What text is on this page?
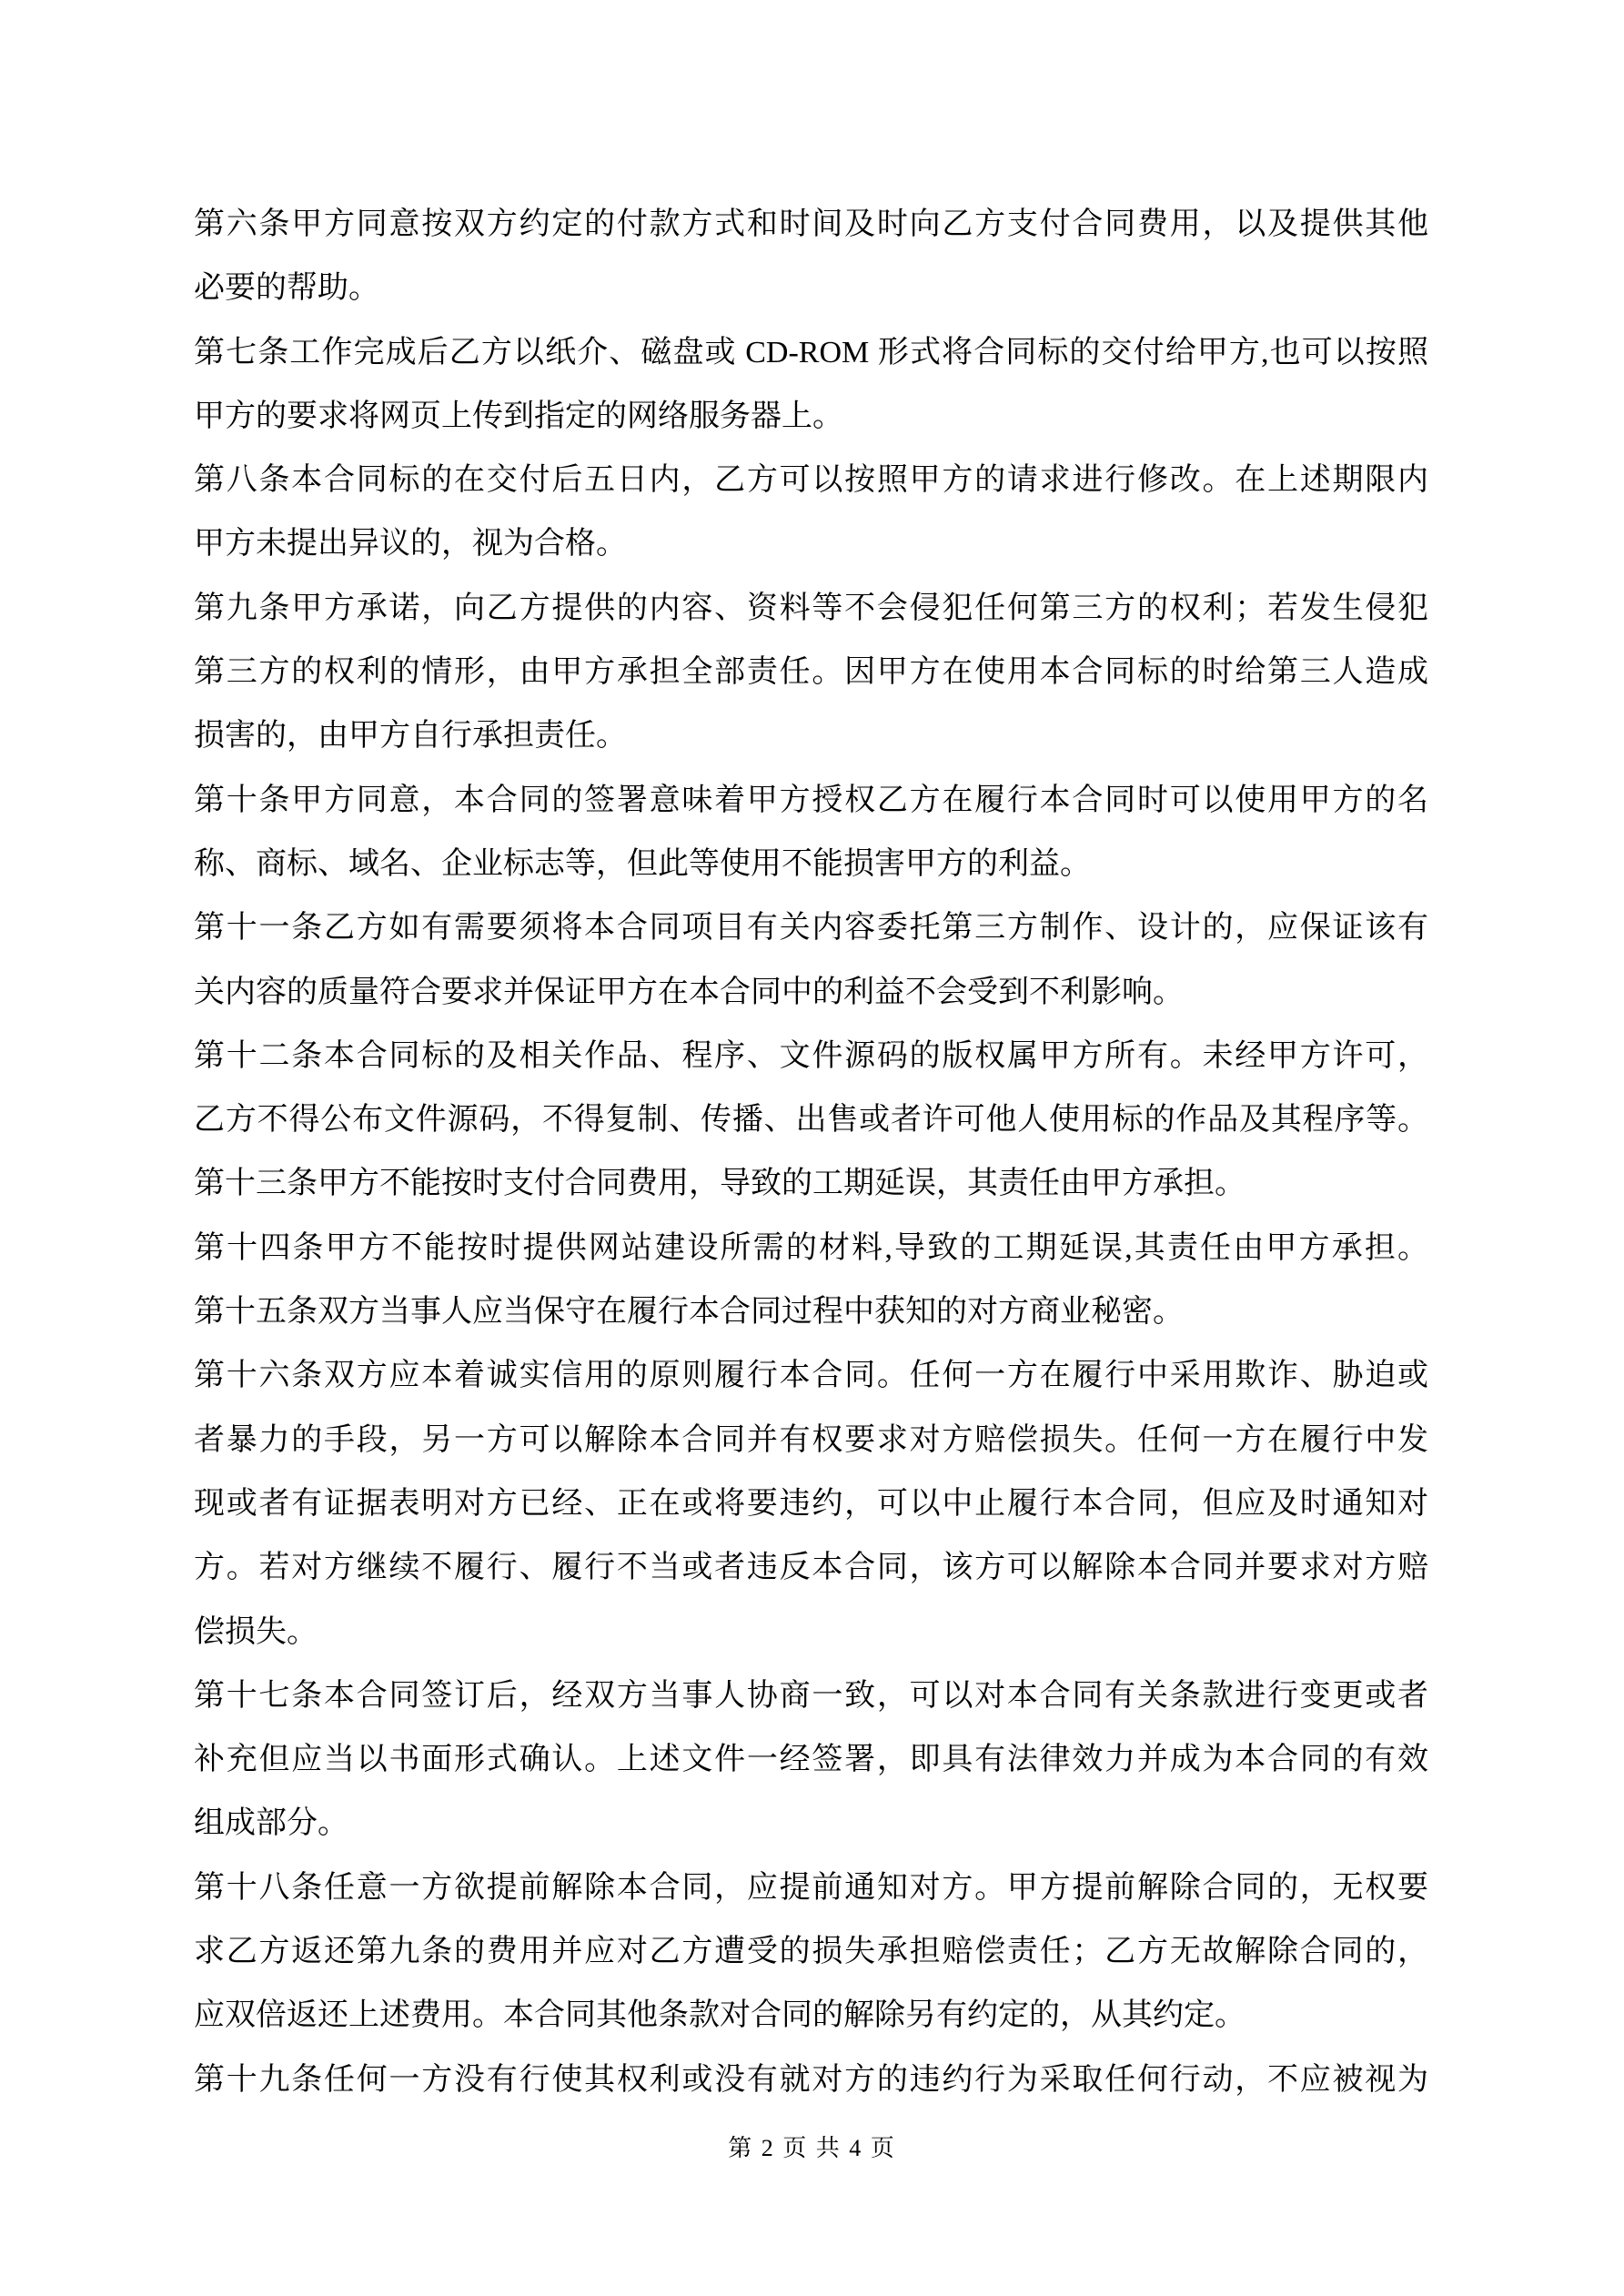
第六条甲方同意按双方约定的付款方式和时间及时向乙方支付合同费用，以及提供其他
必要的帮助。
第七条工作完成后乙方以纸介、磁盘或 CD-ROM 形式将合同标的交付给甲方,也可以按照
甲方的要求将网页上传到指定的网络服务器上。
第八条本合同标的在交付后五日内，乙方可以按照甲方的请求进行修改。在上述期限内
甲方未提出异议的，视为合格。
第九条甲方承诺，向乙方提供的内容、资料等不会侵犯任何第三方的权利；若发生侵犯
第三方的权利的情形，由甲方承担全部责任。因甲方在使用本合同标的时给第三人造成
损害的，由甲方自行承担责任。
第十条甲方同意，本合同的签署意味着甲方授权乙方在履行本合同时可以使用甲方的名
称、商标、域名、企业标志等，但此等使用不能损害甲方的利益。
第十一条乙方如有需要须将本合同项目有关内容委托第三方制作、设计的，应保证该有
关内容的质量符合要求并保证甲方在本合同中的利益不会受到不利影响。
第十二条本合同标的及相关作品、程序、文件源码的版权属甲方所有。未经甲方许可，
乙方不得公布文件源码，不得复制、传播、出售或者许可他人使用标的作品及其程序等。
第十三条甲方不能按时支付合同费用，导致的工期延误，其责任由甲方承担。
第十四条甲方不能按时提供网站建设所需的材料,导致的工期延误,其责任由甲方承担。
第十五条双方当事人应当保守在履行本合同过程中获知的对方商业秘密。
第十六条双方应本着诚实信用的原则履行本合同。任何一方在履行中采用欺诈、胁迫或
者暴力的手段，另一方可以解除本合同并有权要求对方赔偿损失。任何一方在履行中发
现或者有证据表明对方已经、正在或将要违约，可以中止履行本合同，但应及时通知对
方。若对方继续不履行、履行不当或者违反本合同，该方可以解除本合同并要求对方赔
偿损失。
第十七条本合同签订后，经双方当事人协商一致，可以对本合同有关条款进行变更或者
补充但应当以书面形式确认。上述文件一经签署，即具有法律效力并成为本合同的有效
组成部分。
第十八条任意一方欲提前解除本合同，应提前通知对方。甲方提前解除合同的，无权要
求乙方返还第九条的费用并应对乙方遭受的损失承担赔偿责任；乙方无故解除合同的，
应双倍返还上述费用。本合同其他条款对合同的解除另有约定的，从其约定。
第十九条任何一方没有行使其权利或没有就对方的违约行为采取任何行动，不应被视为
第 2 页 共 4 页
